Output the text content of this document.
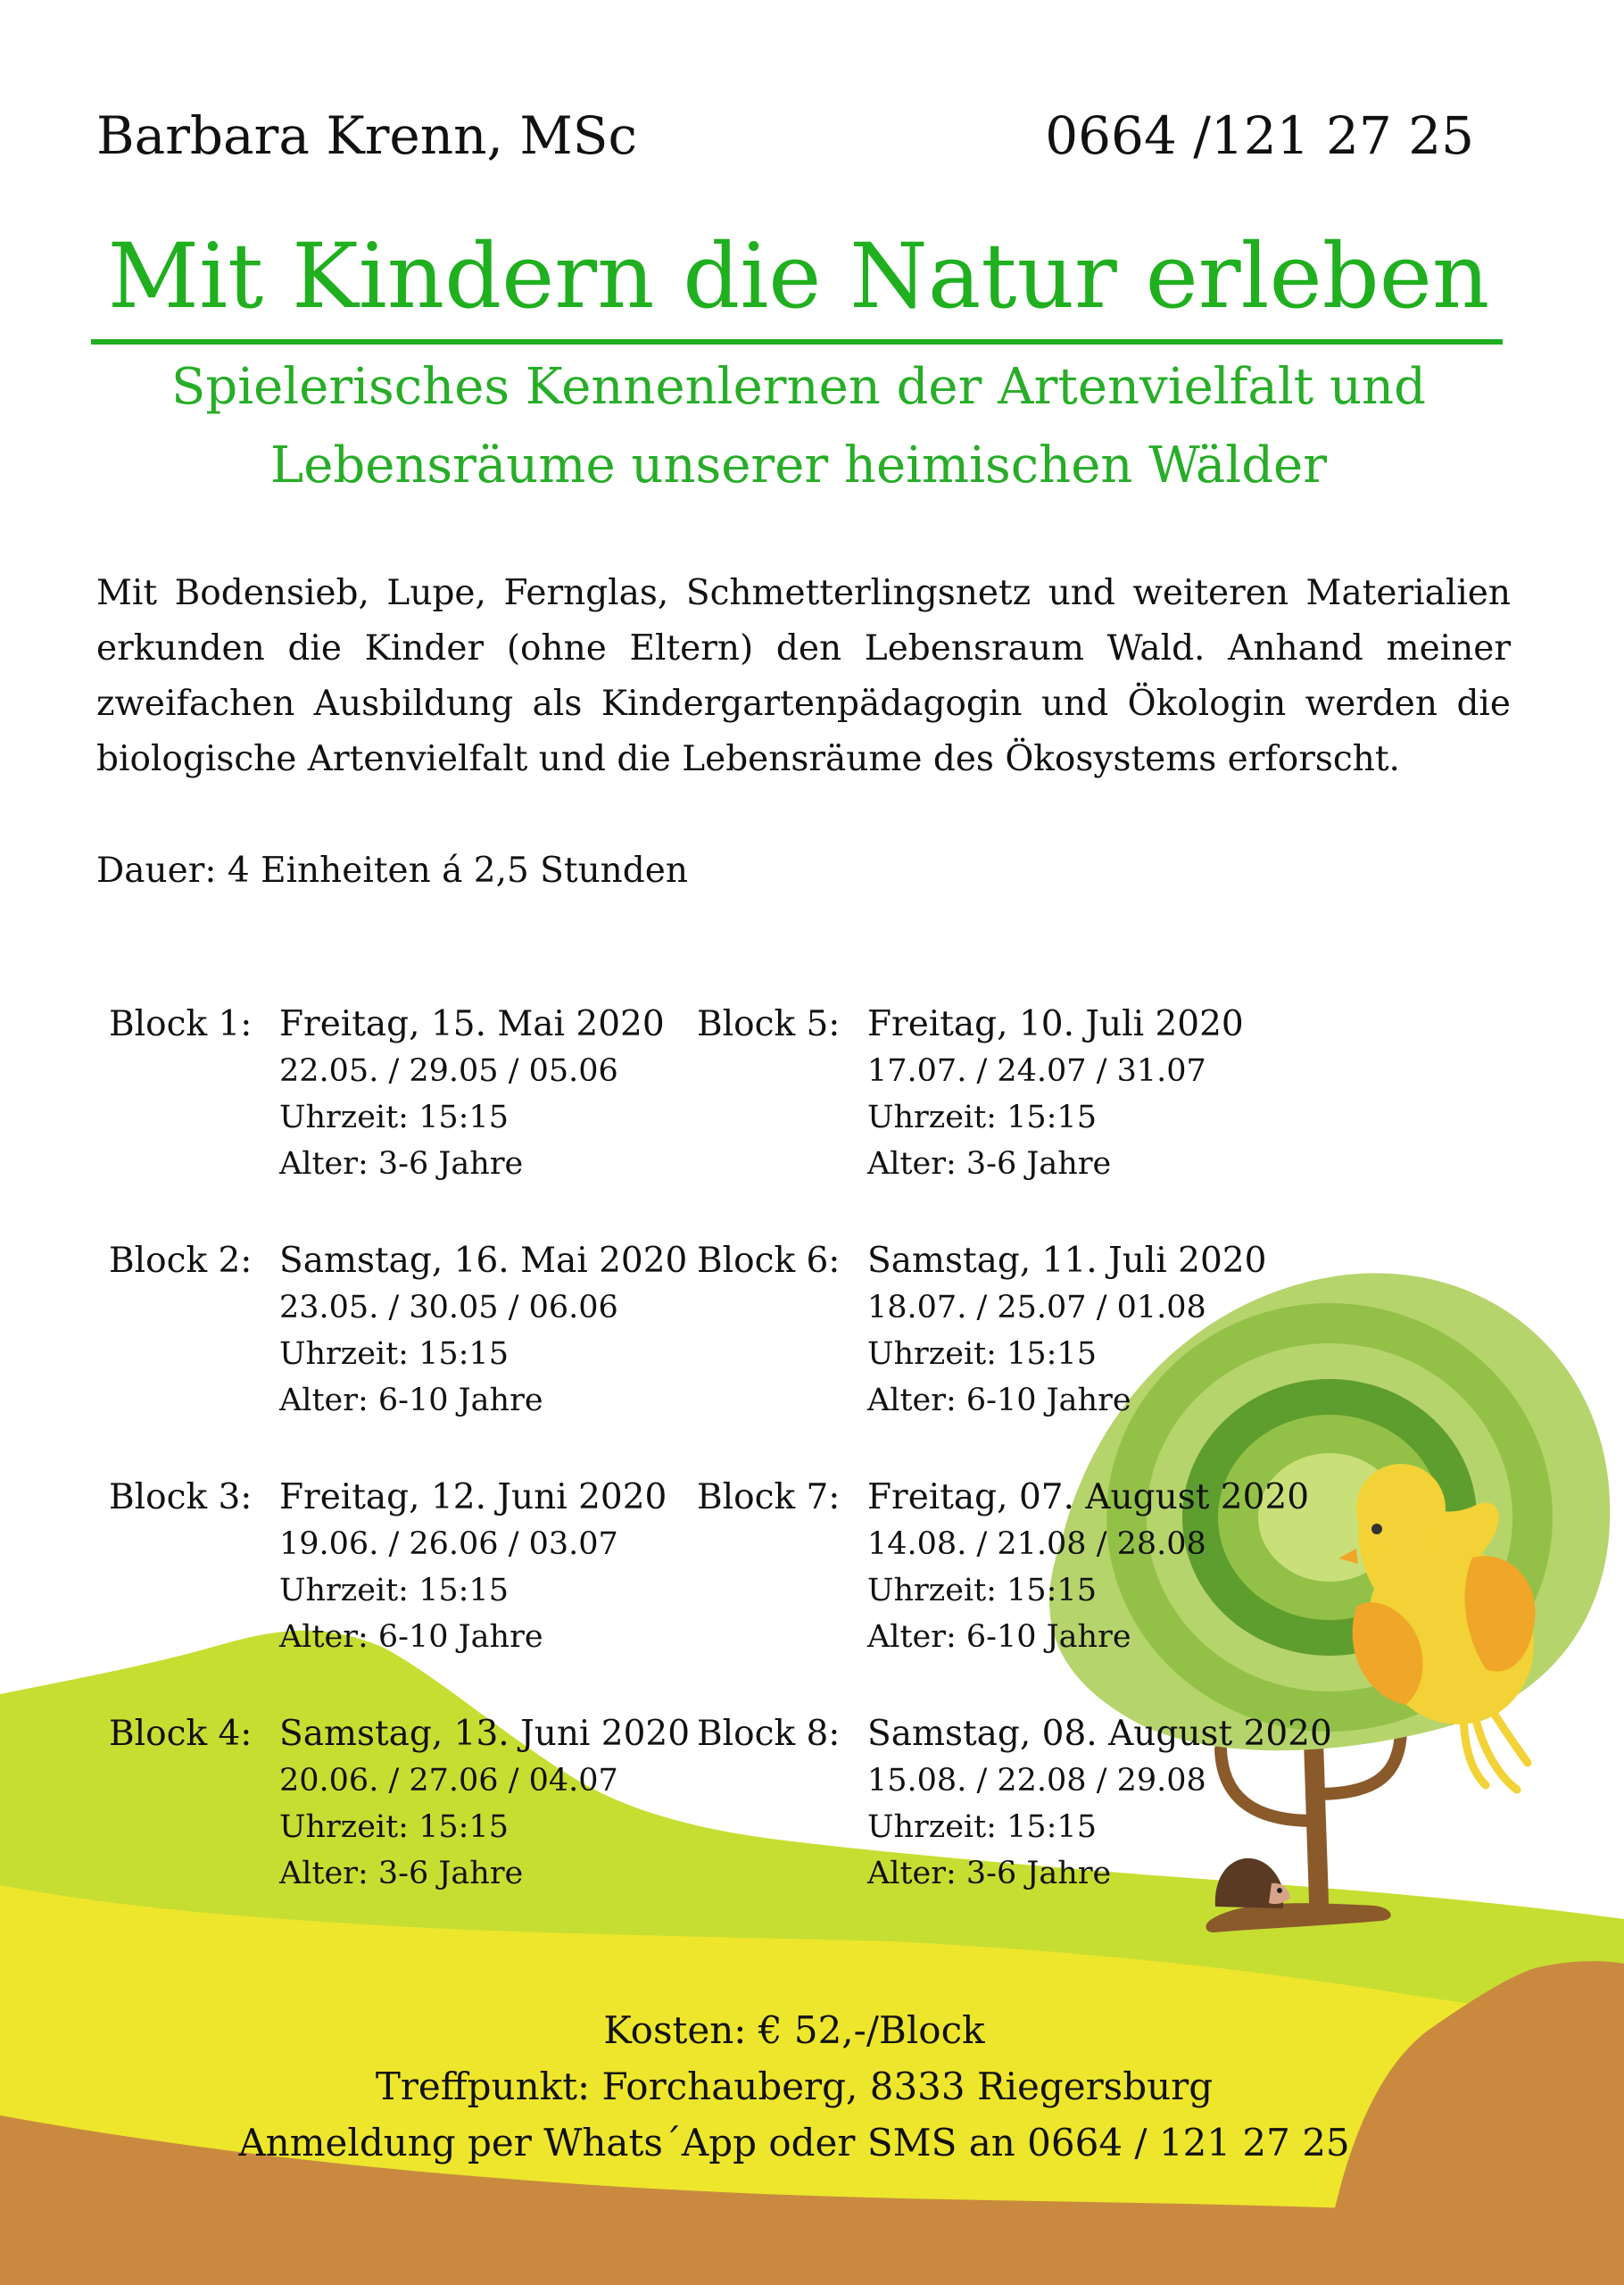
Barbara Krenn, MSc	0664 /121 27 25
Mit Kindern die Natur erleben
Spielerisches Kennenlernen der Artenvielfalt und
Lebensräume unserer heimischen Wälder

Mit Bodensieb, Lupe, Fernglas, Schmetterlingsnetz und weiteren Materialien erkunden die Kinder (ohne Eltern) den Lebensraum Wald. Anhand meiner zweifachen Ausbildung als Kindergartenpädagogin und Ökologin werden die biologische Artenvielfalt und die Lebensräume des Ökosystems erforscht.

Dauer: 4 Einheiten á 2,5 Stunden
Block 1: Freitag, 15. Mai 2020
22.05. / 29.05 / 05.06
Uhrzeit: 15:15
Alter: 3-6 Jahre
Block 2: Samstag, 16. Mai 2020
23.05. / 30.05 / 06.06
Uhrzeit: 15:15
Alter: 6-10 Jahre
Block 3: Freitag, 12. Juni 2020
19.06. / 26.06 / 03.07
Uhrzeit: 15:15
Alter: 6-10 Jahre
Block 4: Samstag, 13. Juni 2020
20.06. / 27.06 / 04.07
Uhrzeit: 15:15
Alter: 3-6 Jahre
Block 5: Freitag, 10. Juli 2020
17.07. / 24.07 / 31.07
Uhrzeit: 15:15
Alter: 3-6 Jahre
Block 6: Samstag, 11. Juli 2020
18.07. / 25.07 / 01.08
Uhrzeit: 15:15
Alter: 6-10 Jahre
Block 7: Freitag, 07. August 2020
14.08. / 21.08 / 28.08
Uhrzeit: 15:15
Alter: 6-10 Jahre
Block 8: Samstag, 08. August 2020
15.08. / 22.08 / 29.08
Uhrzeit: 15:15
Alter: 3-6 Jahre
Kosten: € 52,-/Block
Treffpunkt: Forchauberg, 8333 Riegersburg
Anmeldung per Whats´App oder SMS an 0664 / 121 27 25
